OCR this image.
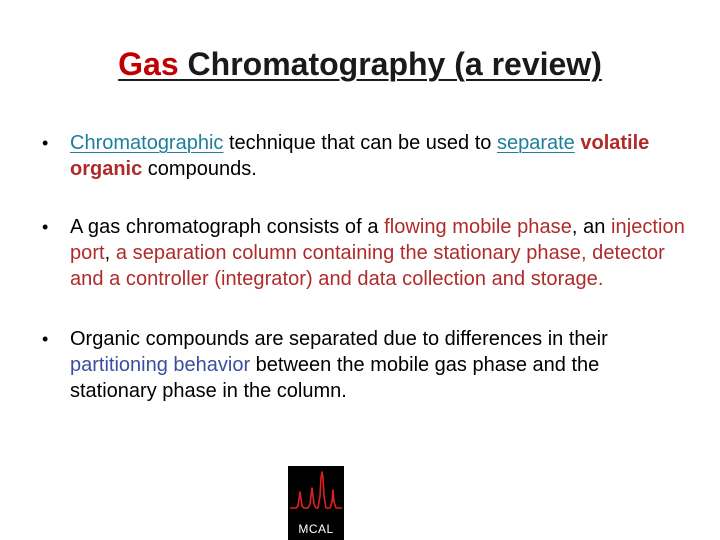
Gas Chromatography (a review)
• Chromatographic technique that can be used to separate volatile organic compounds.
• A gas chromatograph consists of a flowing mobile phase, an injection port, a separation column containing the stationary phase, detector and a controller (integrator) and data collection and storage.
• Organic compounds are separated due to differences in their partitioning behavior between the mobile gas phase and the stationary phase in the column.
MCAL
